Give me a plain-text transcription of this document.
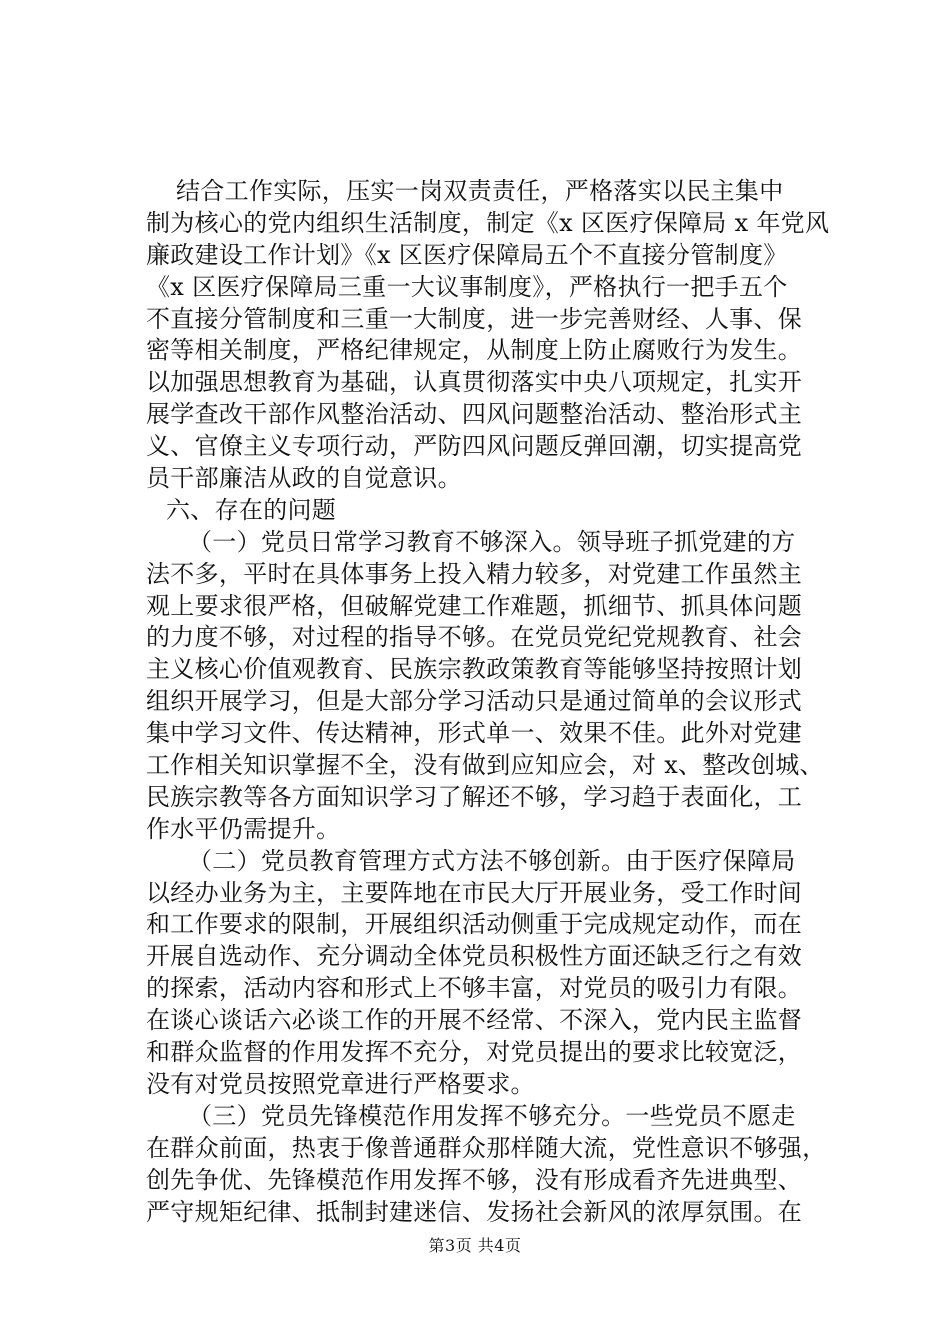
结合工作实际，压实一岗双责责任，严格落实以民主集中
制为核心的党内组织生活制度，制定《x 区医疗保障局 x 年党风
廉政建设工作计划》《x 区医疗保障局五个不直接分管制度》
《x 区医疗保障局三重一大议事制度》，严格执行一把手五个
不直接分管制度和三重一大制度，进一步完善财经、人事、保
密等相关制度，严格纪律规定，从制度上防止腐败行为发生。
以加强思想教育为基础，认真贯彻落实中央八项规定，扎实开
展学查改干部作风整治活动、四风问题整治活动、整治形式主
义、官僚主义专项行动，严防四风问题反弹回潮，切实提高党
员干部廉洁从政的自觉意识。
六、存在的问题
（一）党员日常学习教育不够深入。领导班子抓党建的方
法不多，平时在具体事务上投入精力较多，对党建工作虽然主
观上要求很严格，但破解党建工作难题，抓细节、抓具体问题
的力度不够，对过程的指导不够。在党员党纪党规教育、社会
主义核心价值观教育、民族宗教政策教育等能够坚持按照计划
组织开展学习，但是大部分学习活动只是通过简单的会议形式
集中学习文件、传达精神，形式单一、效果不佳。此外对党建
工作相关知识掌握不全，没有做到应知应会，对 x、整改创城、
民族宗教等各方面知识学习了解还不够，学习趋于表面化，工
作水平仍需提升。
（二）党员教育管理方式方法不够创新。由于医疗保障局
以经办业务为主，主要阵地在市民大厅开展业务，受工作时间
和工作要求的限制，开展组织活动侧重于完成规定动作，而在
开展自选动作、充分调动全体党员积极性方面还缺乏行之有效
的探索，活动内容和形式上不够丰富，对党员的吸引力有限。
在谈心谈话六必谈工作的开展不经常、不深入，党内民主监督
和群众监督的作用发挥不充分，对党员提出的要求比较宽泛，
没有对党员按照党章进行严格要求。
（三）党员先锋模范作用发挥不够充分。一些党员不愿走
在群众前面，热衷于像普通群众那样随大流，党性意识不够强，
创先争优、先锋模范作用发挥不够，没有形成看齐先进典型、
严守规矩纪律、抵制封建迷信、发扬社会新风的浓厚氛围。在
第3页 共4页
